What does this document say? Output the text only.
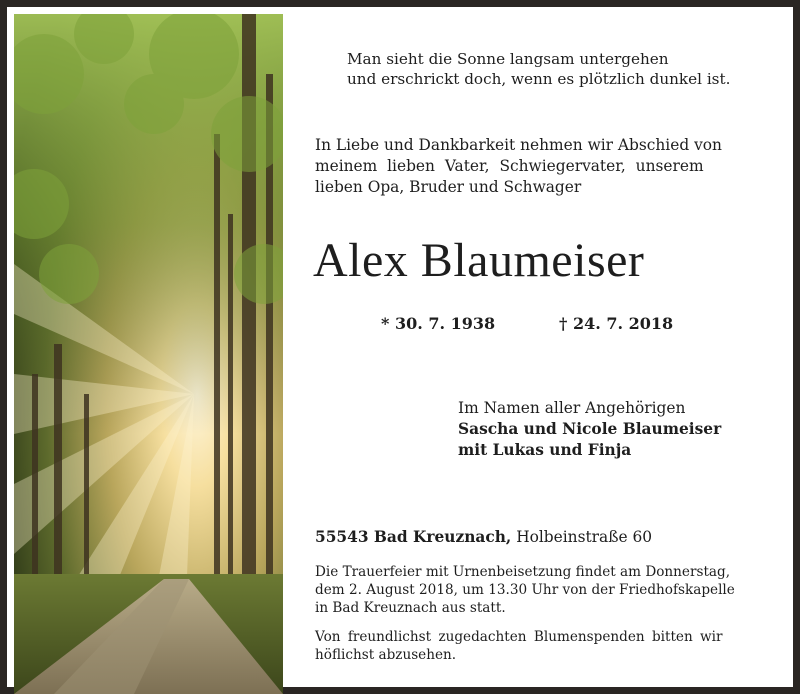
Man sieht die Sonne langsam untergehen
und erschrickt doch, wenn es plötzlich dunkel ist.
In Liebe und Dankbarkeit nehmen wir Abschied von
meinem lieben Vater, Schwiegervater, unserem
lieben Opa, Bruder und Schwager
Alex Blaumeiser
* 30. 7. 1938	† 24. 7. 2018
Im Namen aller Angehörigen
Sascha und Nicole Blaumeiser
mit Lukas und Finja
55543 Bad Kreuznach, Holbeinstraße 60
Die Trauerfeier mit Urnenbeisetzung findet am Donnerstag,
dem 2. August 2018, um 13.30 Uhr von der Friedhofskapelle
in Bad Kreuznach aus statt.
Von freundlichst zugedachten Blumenspenden bitten wir
höflichst abzusehen.
